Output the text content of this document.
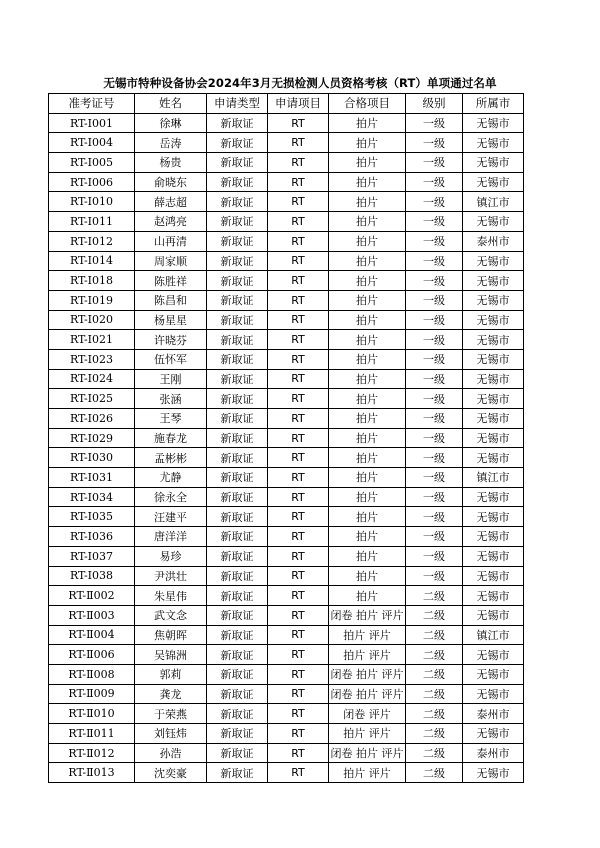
无锡市特种设备协会2024年3月无损检测人员资格考核（RT）单项通过名单
准考证号	姓名	申请类型	申请项目	合格项目	级别	所属市
RT-Ⅰ001	徐琳	新取证	RT	拍片	一级	无锡市
RT-Ⅰ004	岳涛	新取证	RT	拍片	一级	无锡市
RT-Ⅰ005	杨贵	新取证	RT	拍片	一级	无锡市
RT-Ⅰ006	俞晓东	新取证	RT	拍片	一级	无锡市
RT-Ⅰ010	薛志超	新取证	RT	拍片	一级	镇江市
RT-Ⅰ011	赵鸿亮	新取证	RT	拍片	一级	无锡市
RT-Ⅰ012	山再清	新取证	RT	拍片	一级	泰州市
RT-Ⅰ014	周家顺	新取证	RT	拍片	一级	无锡市
RT-Ⅰ018	陈胜祥	新取证	RT	拍片	一级	无锡市
RT-Ⅰ019	陈昌和	新取证	RT	拍片	一级	无锡市
RT-Ⅰ020	杨星星	新取证	RT	拍片	一级	无锡市
RT-Ⅰ021	许晓芬	新取证	RT	拍片	一级	无锡市
RT-Ⅰ023	伍怀军	新取证	RT	拍片	一级	无锡市
RT-Ⅰ024	王刚	新取证	RT	拍片	一级	无锡市
RT-Ⅰ025	张涵	新取证	RT	拍片	一级	无锡市
RT-Ⅰ026	王琴	新取证	RT	拍片	一级	无锡市
RT-Ⅰ029	施春龙	新取证	RT	拍片	一级	无锡市
RT-Ⅰ030	孟彬彬	新取证	RT	拍片	一级	无锡市
RT-Ⅰ031	尤静	新取证	RT	拍片	一级	镇江市
RT-Ⅰ034	徐永全	新取证	RT	拍片	一级	无锡市
RT-Ⅰ035	汪建平	新取证	RT	拍片	一级	无锡市
RT-Ⅰ036	唐洋洋	新取证	RT	拍片	一级	无锡市
RT-Ⅰ037	易珍	新取证	RT	拍片	一级	无锡市
RT-Ⅰ038	尹洪壮	新取证	RT	拍片	一级	无锡市
RT-Ⅱ002	朱星伟	新取证	RT	拍片	二级	无锡市
RT-Ⅱ003	武文念	新取证	RT	闭卷 拍片 评片	二级	无锡市
RT-Ⅱ004	焦朝晖	新取证	RT	拍片 评片	二级	镇江市
RT-Ⅱ006	吴锦洲	新取证	RT	拍片 评片	二级	无锡市
RT-Ⅱ008	郭莉	新取证	RT	闭卷 拍片 评片	二级	无锡市
RT-Ⅱ009	龚龙	新取证	RT	闭卷 拍片 评片	二级	无锡市
RT-Ⅱ010	于荣燕	新取证	RT	闭卷 评片	二级	泰州市
RT-Ⅱ011	刘钰炜	新取证	RT	拍片 评片	二级	无锡市
RT-Ⅱ012	孙浩	新取证	RT	闭卷 拍片 评片	二级	泰州市
RT-Ⅱ013	沈奕豪	新取证	RT	拍片 评片	二级	无锡市
